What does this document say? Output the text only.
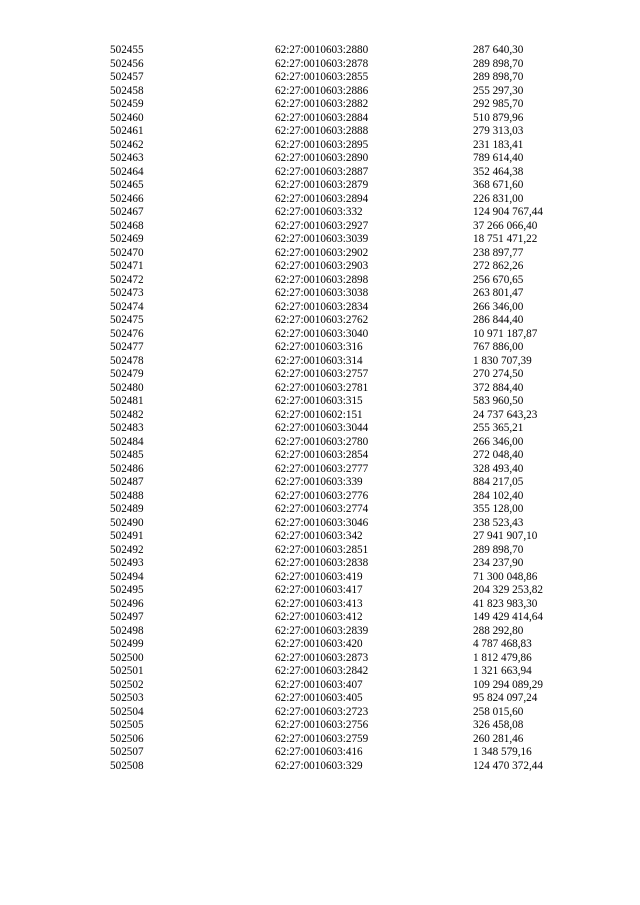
502455	62:27:0010603:2880	287 640,30
502456	62:27:0010603:2878	289 898,70
502457	62:27:0010603:2855	289 898,70
502458	62:27:0010603:2886	255 297,30
502459	62:27:0010603:2882	292 985,70
502460	62:27:0010603:2884	510 879,96
502461	62:27:0010603:2888	279 313,03
502462	62:27:0010603:2895	231 183,41
502463	62:27:0010603:2890	789 614,40
502464	62:27:0010603:2887	352 464,38
502465	62:27:0010603:2879	368 671,60
502466	62:27:0010603:2894	226 831,00
502467	62:27:0010603:332	124 904 767,44
502468	62:27:0010603:2927	37 266 066,40
502469	62:27:0010603:3039	18 751 471,22
502470	62:27:0010603:2902	238 897,77
502471	62:27:0010603:2903	272 862,26
502472	62:27:0010603:2898	256 670,65
502473	62:27:0010603:3038	263 801,47
502474	62:27:0010603:2834	266 346,00
502475	62:27:0010603:2762	286 844,40
502476	62:27:0010603:3040	10 971 187,87
502477	62:27:0010603:316	767 886,00
502478	62:27:0010603:314	1 830 707,39
502479	62:27:0010603:2757	270 274,50
502480	62:27:0010603:2781	372 884,40
502481	62:27:0010603:315	583 960,50
502482	62:27:0010602:151	24 737 643,23
502483	62:27:0010603:3044	255 365,21
502484	62:27:0010603:2780	266 346,00
502485	62:27:0010603:2854	272 048,40
502486	62:27:0010603:2777	328 493,40
502487	62:27:0010603:339	884 217,05
502488	62:27:0010603:2776	284 102,40
502489	62:27:0010603:2774	355 128,00
502490	62:27:0010603:3046	238 523,43
502491	62:27:0010603:342	27 941 907,10
502492	62:27:0010603:2851	289 898,70
502493	62:27:0010603:2838	234 237,90
502494	62:27:0010603:419	71 300 048,86
502495	62:27:0010603:417	204 329 253,82
502496	62:27:0010603:413	41 823 983,30
502497	62:27:0010603:412	149 429 414,64
502498	62:27:0010603:2839	288 292,80
502499	62:27:0010603:420	4 787 468,83
502500	62:27:0010603:2873	1 812 479,86
502501	62:27:0010603:2842	1 321 663,94
502502	62:27:0010603:407	109 294 089,29
502503	62:27:0010603:405	95 824 097,24
502504	62:27:0010603:2723	258 015,60
502505	62:27:0010603:2756	326 458,08
502506	62:27:0010603:2759	260 281,46
502507	62:27:0010603:416	1 348 579,16
502508	62:27:0010603:329	124 470 372,44
